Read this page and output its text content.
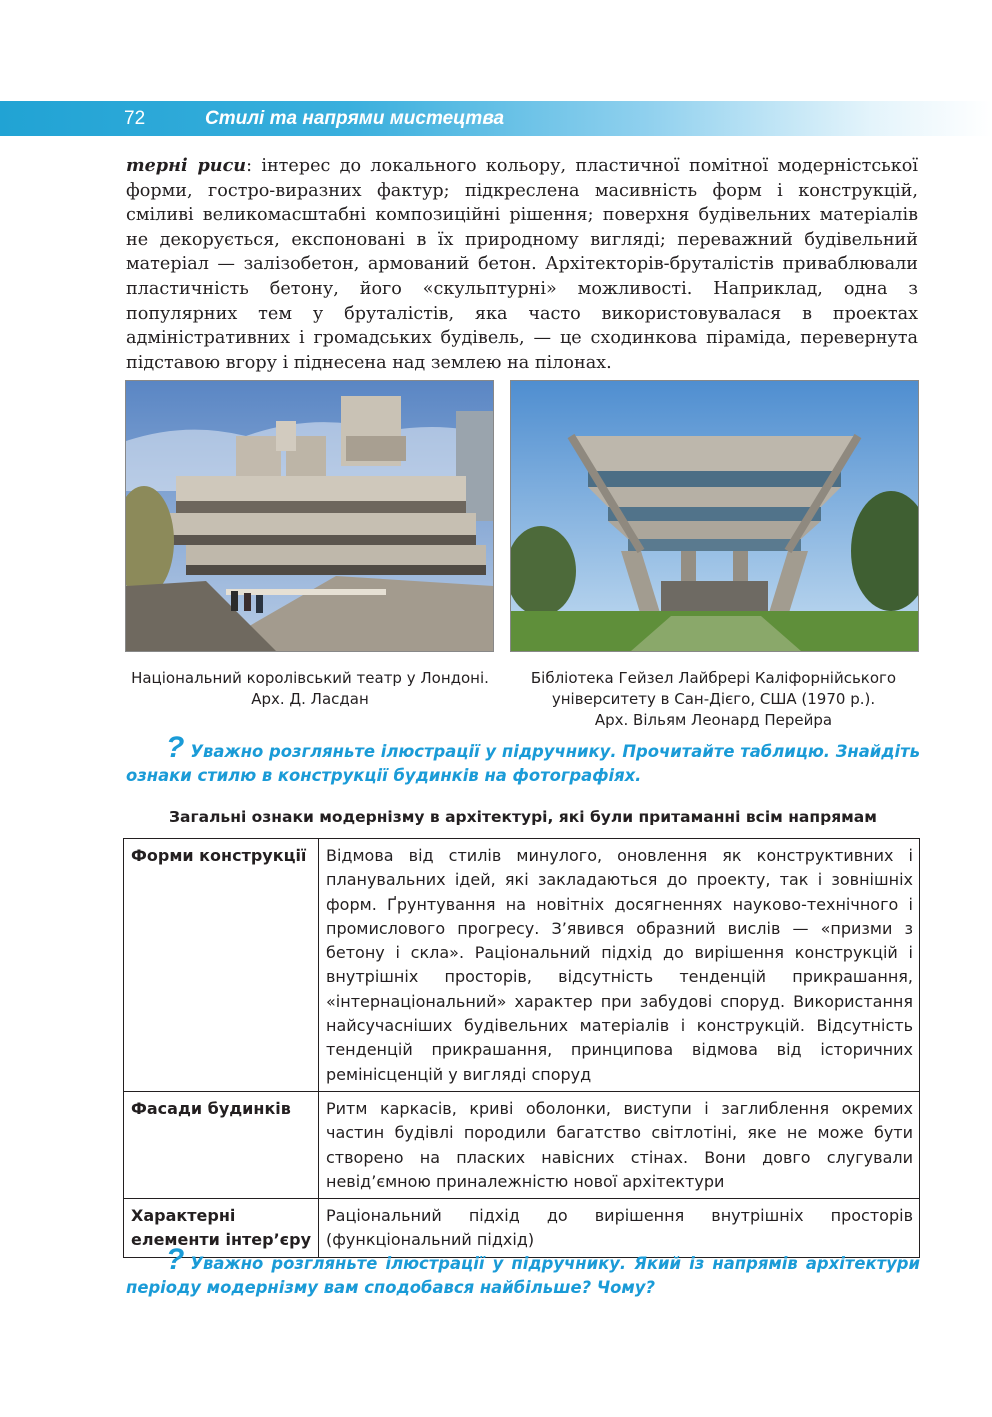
72	Стилі та напрями мистецтва

терні риси: інтерес до локального кольору, пластичної помітної модерністської форми, гостро-виразних фактур; підкреслена масивність форм і конструкцій, сміливі великомасштабні композиційні рішення; поверхня будівельних матеріалів не декорується, експоновані в їх природному вигляді; переважний будівельний матеріал — залізобетон, армований бетон. Архітекторів-бруталістів приваблювали пластичність бетону, його «скульптурні» можливості. Наприклад, одна з популярних тем у бруталістів, яка часто використовувалася в проектах адміністративних і громадських будівель, — це сходинкова піраміда, перевернута підставою вгору і піднесена над землею на пілонах.

Національний королівський театр у Лондоні.
Арх. Д. Ласдан
Бібліотека Гейзел Лайбрері Каліфорнійського
університету в Сан-Дієго, США (1970 р.).
Арх. Вільям Леонард Перейра

? Уважно розгляньте ілюстрації у підручнику. Прочитайте таблицю. Знайдіть ознаки стилю в конструкції будинків на фотографіях.

Загальні ознаки модернізму в архітектурі, які були притаманні всім напрямам
Форми конструкції	Відмова від стилів минулого, оновлення як конструктивних і планувальних ідей, які закладаються до проекту, так і зовнішніх форм. Ґрунтування на новітніх досягненнях науково-технічного і промислового прогресу. З’явився образний вислів — «призми з бетону і скла». Раціональний підхід до вирішення конструкцій і внутрішніх просторів, відсутність тенденцій прикрашання, «інтернаціональний» характер при забудові споруд. Використання найсучасніших будівельних матеріалів і конструкцій. Відсутність тенденцій прикрашання, принципова відмова від історичних ремінісценцій у вигляді споруд
Фасади будинків	Ритм каркасів, криві оболонки, виступи і заглиблення окремих частин будівлі породили багатство світлотіні, яке не може бути створено на пласких навісних стінах. Вони довго слугували невід’ємною приналежністю нової архітектури
Характерні елементи інтер’єру	Раціональний підхід до вирішення внутрішніх просторів (функціональний підхід)

? Уважно розгляньте ілюстрації у підручнику. Який із напрямів архітектури періоду модернізму вам сподобався найбільше? Чому?
